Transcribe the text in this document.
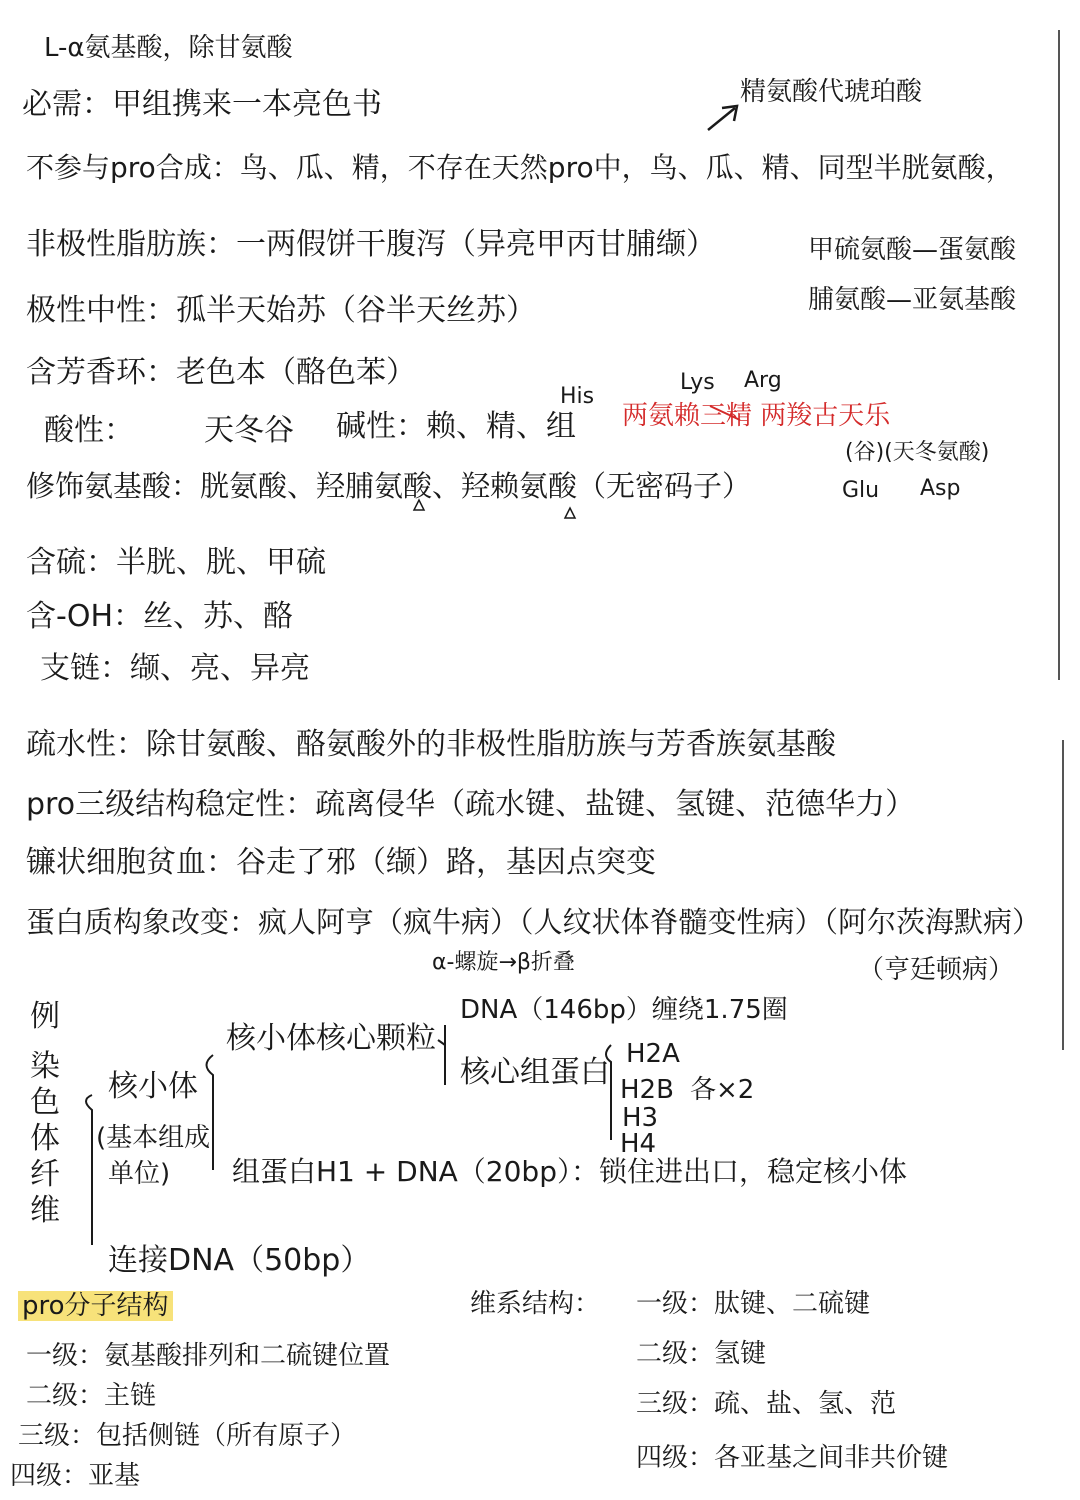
L-α氨基酸，除甘氨酸
必需：甲组携来一本亮色书	精氨酸代琥珀酸
不参与pro合成：鸟、瓜、精，不存在天然pro中，鸟、瓜、精、同型半胱氨酸，
非极性脂肪族：一两假饼干腹泻（异亮甲丙甘脯缬）	甲硫氨酸—蛋氨酸
脯氨酸—亚氨基酸
极性中性：孤半天始苏（谷半天丝苏）
含芳香环：老色本（酪色苯）
His
Lys Arg
酸性： 天冬谷 碱性：赖、精、组 两氨赖三精 两羧古天乐
(谷)(天冬氨酸)
修饰氨基酸：胱氨酸、羟脯氨酸、羟赖氨酸（无密码子）	Glu Asp
含硫：半胱、胱、甲硫
含-OH：丝、苏、酪
支链：缬、亮、异亮
疏水性：除甘氨酸、酪氨酸外的非极性脂肪族与芳香族氨基酸
pro三级结构稳定性：疏离侵华（疏水键、盐键、氢键、范德华力）
镰状细胞贫血：谷走了邪（缬）路，基因点突变
蛋白质构象改变：疯人阿亨（疯牛病）（人纹状体脊髓变性病）（阿尔茨海默病）
α-螺旋→β折叠	（亨廷顿病）
例
染
色
体
纤
维
核小体
(基本组成
单位)
核小体核心颗粒
DNA（146bp）缠绕1.75圈
核心组蛋白
H2A
H2B 各×2
H3
H4
组蛋白H1 + DNA（20bp）：锁住进出口，稳定核小体
连接DNA（50bp）
pro分子结构
一级：氨基酸排列和二硫键位置
二级：主链
三级：包括侧链（所有原子）
四级：亚基
维系结构： 一级：肽键、二硫键
二级：氢键
三级：疏、盐、氢、范
四级：各亚基之间非共价键
